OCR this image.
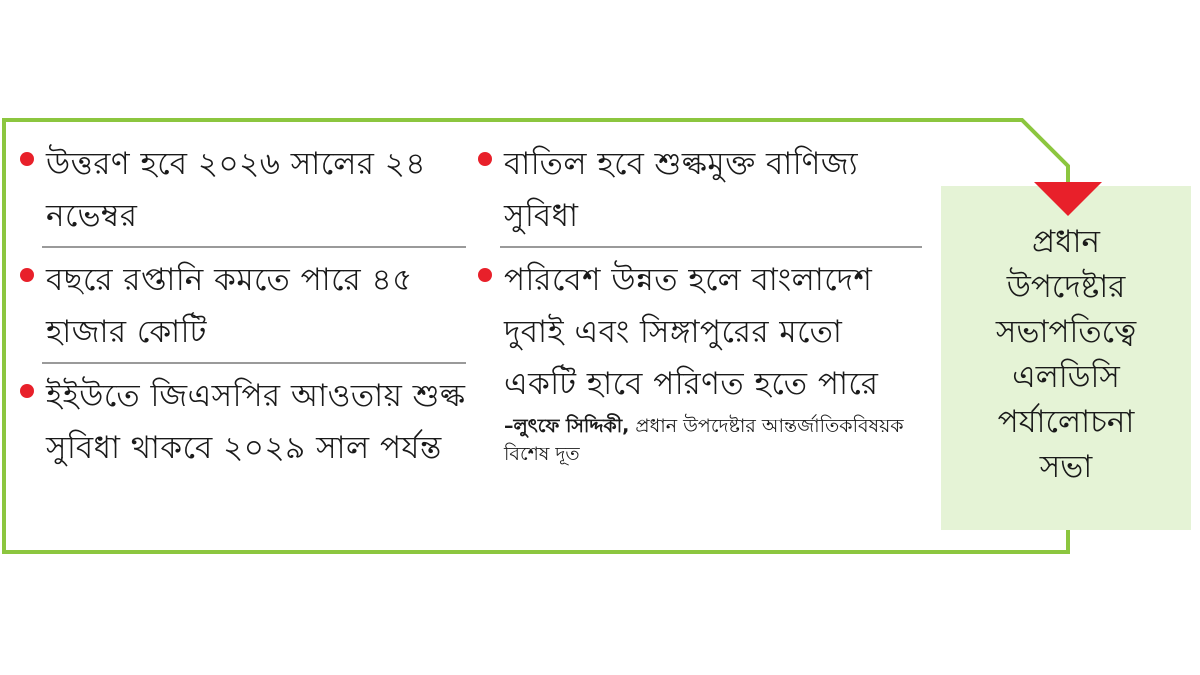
প্রধান
উপদেষ্টার
সভাপতিত্বে
এলডিসি
পর্যালোচনা
সভা
উত্তরণ হবে ২০২৬ সালের ২৪ নভেম্বর
বছরে রপ্তানি কমতে পারে ৪৫ হাজার কোটি
ইইউতে জিএসপির আওতায় শুল্ক সুবিধা থাকবে ২০২৯ সাল পর্যন্ত
বাতিল হবে শুল্কমুক্ত বাণিজ্য সুবিধা
পরিবেশ উন্নত হলে বাংলাদেশ দুবাই এবং সিঙ্গাপুরের মতো একটি হাবে পরিণত হতে পারে
–লুৎফে সিদ্দিকী, প্রধান উপদেষ্টার আন্তর্জাতিকবিষয়ক বিশেষ দূত
